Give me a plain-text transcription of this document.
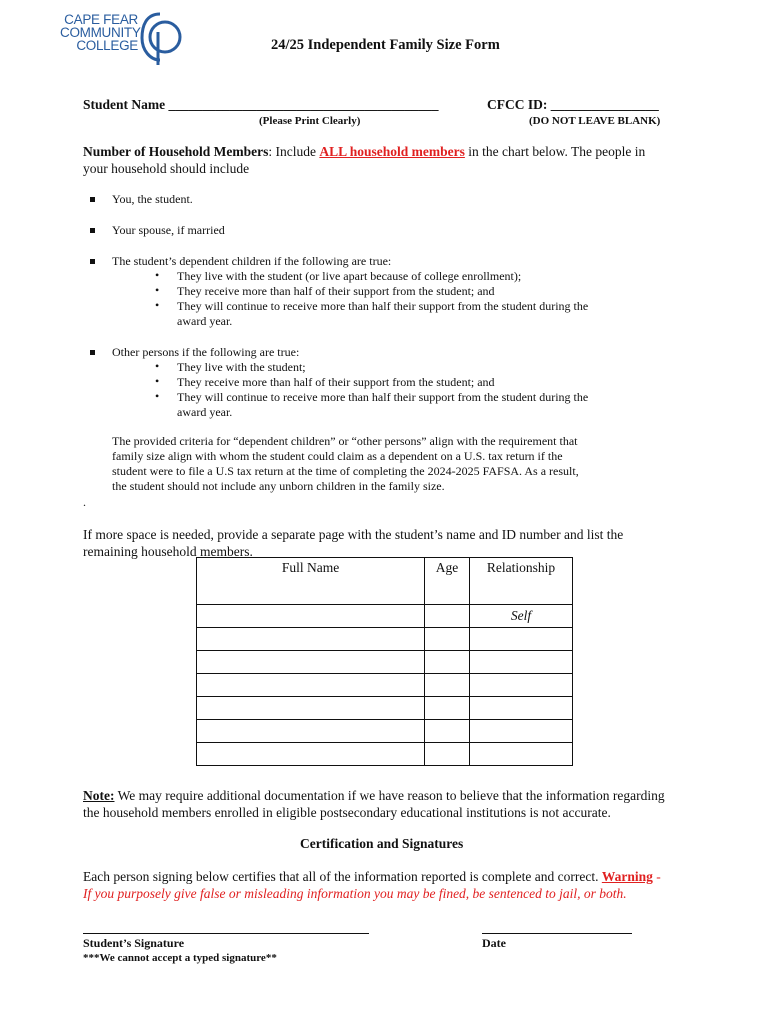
CAPE FEAR
COMMUNITY
COLLEGE	24/25 Independent Family Size Form
Student Name ________________________________________
(Please Print Clearly)
CFCC ID: ________________
(DO NOT LEAVE BLANK)
Number of Household Members: Include ALL household members in the chart below. The people in
your household should include
You, the student.
Your spouse, if married
The student’s dependent children if the following are true:
• They live with the student (or live apart because of college enrollment);
• They receive more than half of their support from the student; and
• They will continue to receive more than half their support from the student during the
award year.
Other persons if the following are true:
• They live with the student;
• They receive more than half of their support from the student; and
• They will continue to receive more than half their support from the student during the
award year.
The provided criteria for “dependent children” or “other persons” align with the requirement that
family size align with whom the student could claim as a dependent on a U.S. tax return if the
student were to file a U.S tax return at the time of completing the 2024-2025 FAFSA. As a result,
the student should not include any unborn children in the family size.
.
If more space is needed, provide a separate page with the student’s name and ID number and list the
remaining household members.
Full Name	Age	Relationship
		Self

Note: We may require additional documentation if we have reason to believe that the information regarding
the household members enrolled in eligible postsecondary educational institutions is not accurate.
Certification and Signatures
Each person signing below certifies that all of the information reported is complete and correct. Warning -
If you purposely give false or misleading information you may be fined, be sentenced to jail, or both.
Student’s Signature
***We cannot accept a typed signature**
Date
